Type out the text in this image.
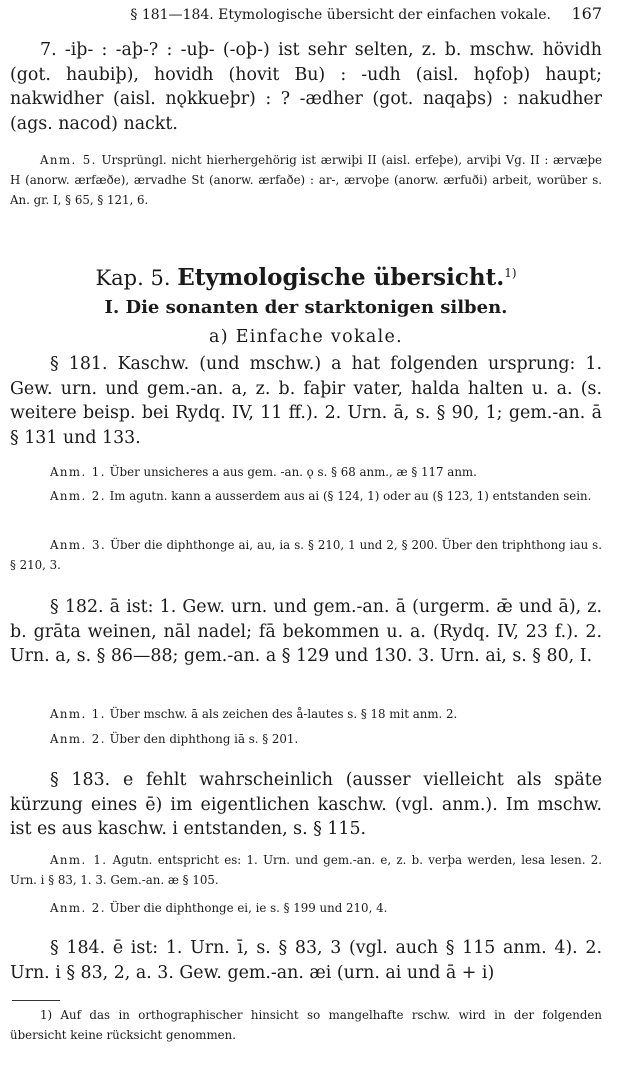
§ 181—184. Etymologische übersicht der einfachen vokale. 167
7. -iþ- : -aþ-? : -uþ- (-oþ-) ist sehr selten, z. b. mschw. hövidh (got. haubiþ), hovidh (hovit Bu) : -udh (aisl. hǫfoþ) haupt; nakwidher (aisl. nǫkkueþr) : ? -ædher (got. naqaþs) : nakudher (ags. nacod) nackt.
Anm. 5. Ursprüngl. nicht hierhergehörig ist ærwiþi II (aisl. erfeþe), arviþi Vg. II : ærvæþe H (anorw. ærfæðe), ærvadhe St (anorw. ærfaðe) : ar-, ærvoþe (anorw. ærfuði) arbeit, worüber s. An. gr. I, § 65, § 121, 6.
Kap. 5. Etymologische übersicht.$^{1)}$
I. Die sonanten der starktonigen silben.
a) Einfache vokale.
§ 181. Kaschw. (und mschw.) a hat folgenden ursprung: 1. Gew. urn. und gem.-an. a, z. b. faþir vater, halda halten u. a. (s. weitere beisp. bei Rydq. IV, 11 ff.). 2. Urn. ā, s. § 90, 1; gem.-an. ā § 131 und 133.
Anm. 1. Über unsicheres a aus gem. -an. ǫ s. § 68 anm., æ § 117 anm.
Anm. 2. Im agutn. kann a ausserdem aus ai (§ 124, 1) oder au (§ 123, 1) entstanden sein.
Anm. 3. Über die diphthonge ai, au, ia s. § 210, 1 und 2, § 200. Über den triphthong iau s. § 210, 3.
§ 182. ā ist: 1. Gew. urn. und gem.-an. ā (urgerm. ǣ und ā), z. b. grāta weinen, nāl nadel; fā bekommen u. a. (Rydq. IV, 23 f.). 2. Urn. a, s. § 86—88; gem.-an. a § 129 und 130. 3. Urn. ai, s. § 80, I.
Anm. 1. Über mschw. ā als zeichen des å-lautes s. § 18 mit anm. 2.
Anm. 2. Über den diphthong iā s. § 201.
§ 183. e fehlt wahrscheinlich (ausser vielleicht als späte kürzung eines ē) im eigentlichen kaschw. (vgl. anm.). Im mschw. ist es aus kaschw. i entstanden, s. § 115.
Anm. 1. Agutn. entspricht es: 1. Urn. und gem.-an. e, z. b. verþa werden, lesa lesen. 2. Urn. i § 83, 1. 3. Gem.-an. æ § 105.
Anm. 2. Über die diphthonge ei, ie s. § 199 und 210, 4.
§ 184. ē ist: 1. Urn. ī, s. § 83, 3 (vgl. auch § 115 anm. 4). 2. Urn. i § 83, 2, a. 3. Gew. gem.-an. æi (urn. ai und ā + i)
1) Auf das in orthographischer hinsicht so mangelhafte rschw. wird in der folgenden übersicht keine rücksicht genommen.
